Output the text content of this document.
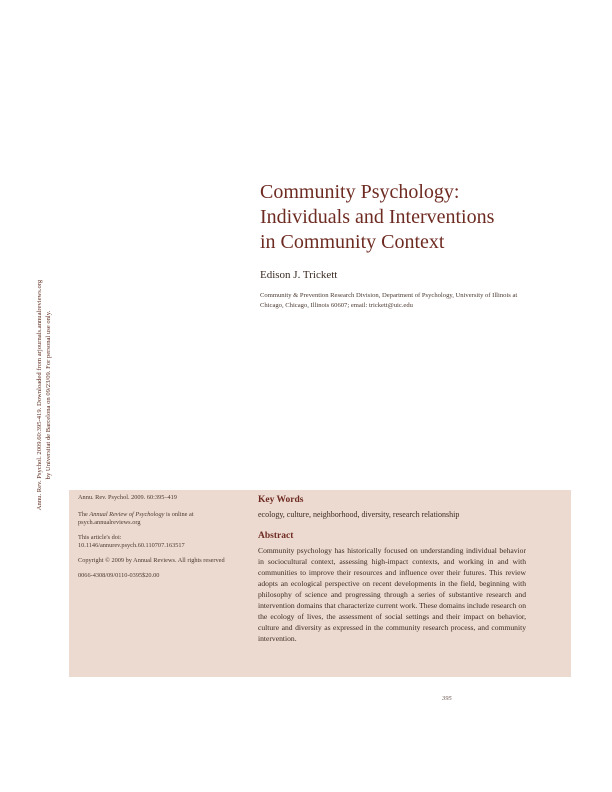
Annu. Rev. Psychol. 2009.60:395-419. Downloaded from arjournals.annualreviews.org by Universitat de Barcelona on 09/23/09. For personal use only.
Community Psychology:
Individuals and Interventions
in Community Context
Edison J. Trickett
Community & Prevention Research Division, Department of Psychology, University of Illinois at Chicago, Chicago, Illinois 60607; email: trickett@uic.edu
Annu. Rev. Psychol. 2009. 60:395–419
The Annual Review of Psychology is online at psych.annualreviews.org
This article's doi:
10.1146/annurev.psych.60.110707.163517
Copyright © 2009 by Annual Reviews. All rights reserved
0066-4308/09/0110-0395$20.00
Key Words
ecology, culture, neighborhood, diversity, research relationship
Abstract
Community psychology has historically focused on understanding individual behavior in sociocultural context, assessing high-impact contexts, and working in and with communities to improve their resources and influence over their futures. This review adopts an ecological perspective on recent developments in the field, beginning with philosophy of science and progressing through a series of substantive research and intervention domains that characterize current work. These domains include research on the ecology of lives, the assessment of social settings and their impact on behavior, culture and diversity as expressed in the community research process, and community intervention.
395
